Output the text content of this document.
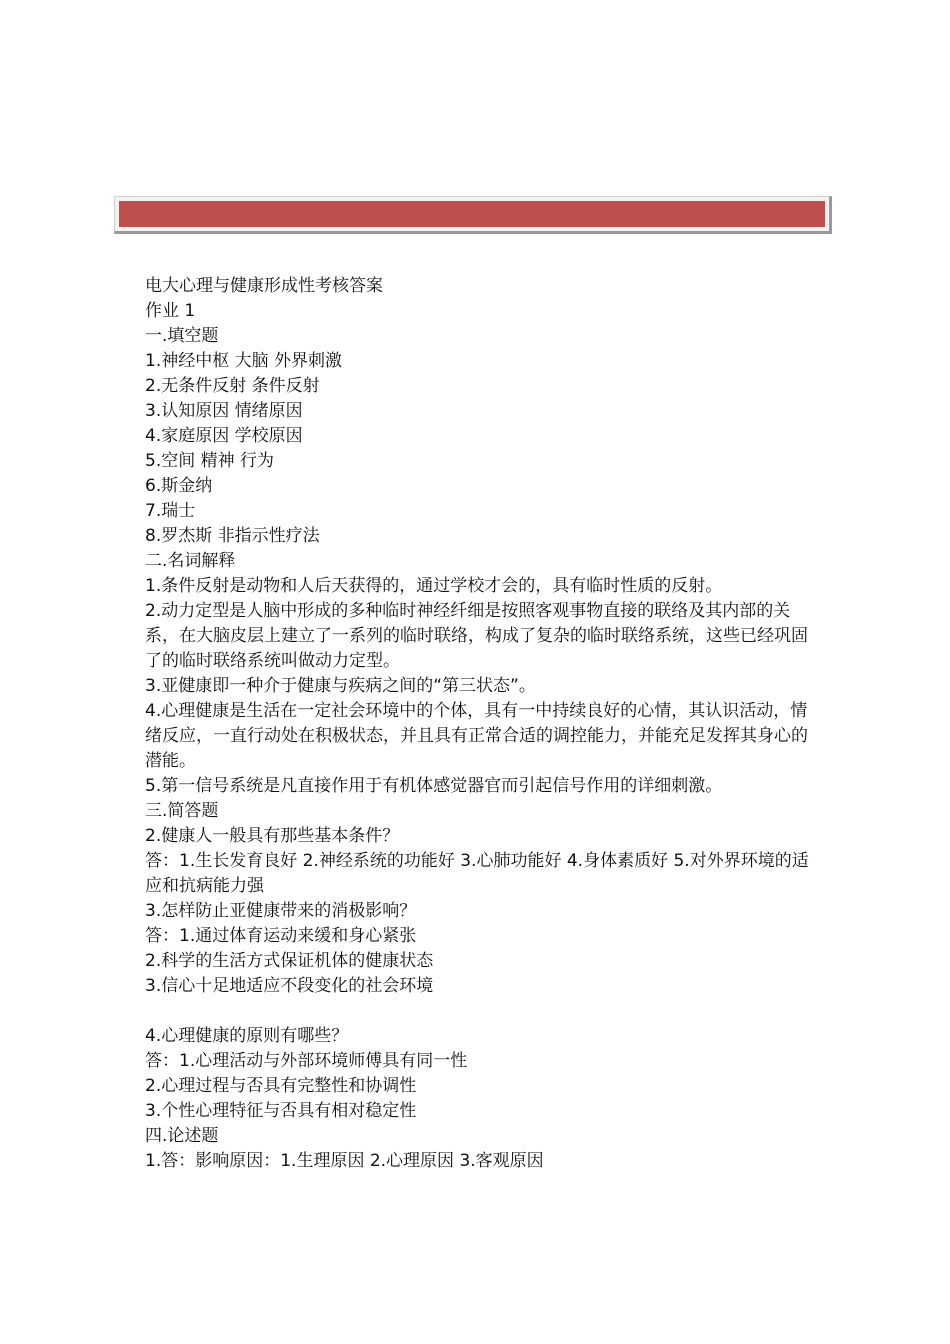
电大心理与健康形成性考核答案

作业 1

一.填空题

1.神经中枢 大脑 外界刺激

2.无条件反射 条件反射

3.认知原因 情绪原因

4.家庭原因 学校原因

5.空间 精神 行为

6.斯金纳

7.瑞士

8.罗杰斯 非指示性疗法

二.名词解释

1.条件反射是动物和人后天获得的，通过学校才会的，具有临时性质的反射。

2.动力定型是人脑中形成的多种临时神经纤细是按照客观事物直接的联络及其内部的关系，在大脑皮层上建立了一系列的临时联络，构成了复杂的临时联络系统，这些已经巩固了的临时联络系统叫做动力定型。

3.亚健康即一种介于健康与疾病之间的“第三状态”。

4.心理健康是生活在一定社会环境中的个体，具有一中持续良好的心情，其认识活动，情绪反应，一直行动处在积极状态，并且具有正常合适的调控能力，并能充足发挥其身心的潜能。

5.第一信号系统是凡直接作用于有机体感觉器官而引起信号作用的详细刺激。

三.简答题

2.健康人一般具有那些基本条件？

答：1.生长发育良好 2.神经系统的功能好 3.心肺功能好 4.身体素质好 5.对外界环境的适应和抗病能力强

3.怎样防止亚健康带来的消极影响？

答：1.通过体育运动来缓和身心紧张

2.科学的生活方式保证机体的健康状态

3.信心十足地适应不段变化的社会环境

4.心理健康的原则有哪些？

答：1.心理活动与外部环境师傅具有同一性

2.心理过程与否具有完整性和协调性

3.个性心理特征与否具有相对稳定性

四.论述题

1.答：影响原因：1.生理原因 2.心理原因 3.客观原因
